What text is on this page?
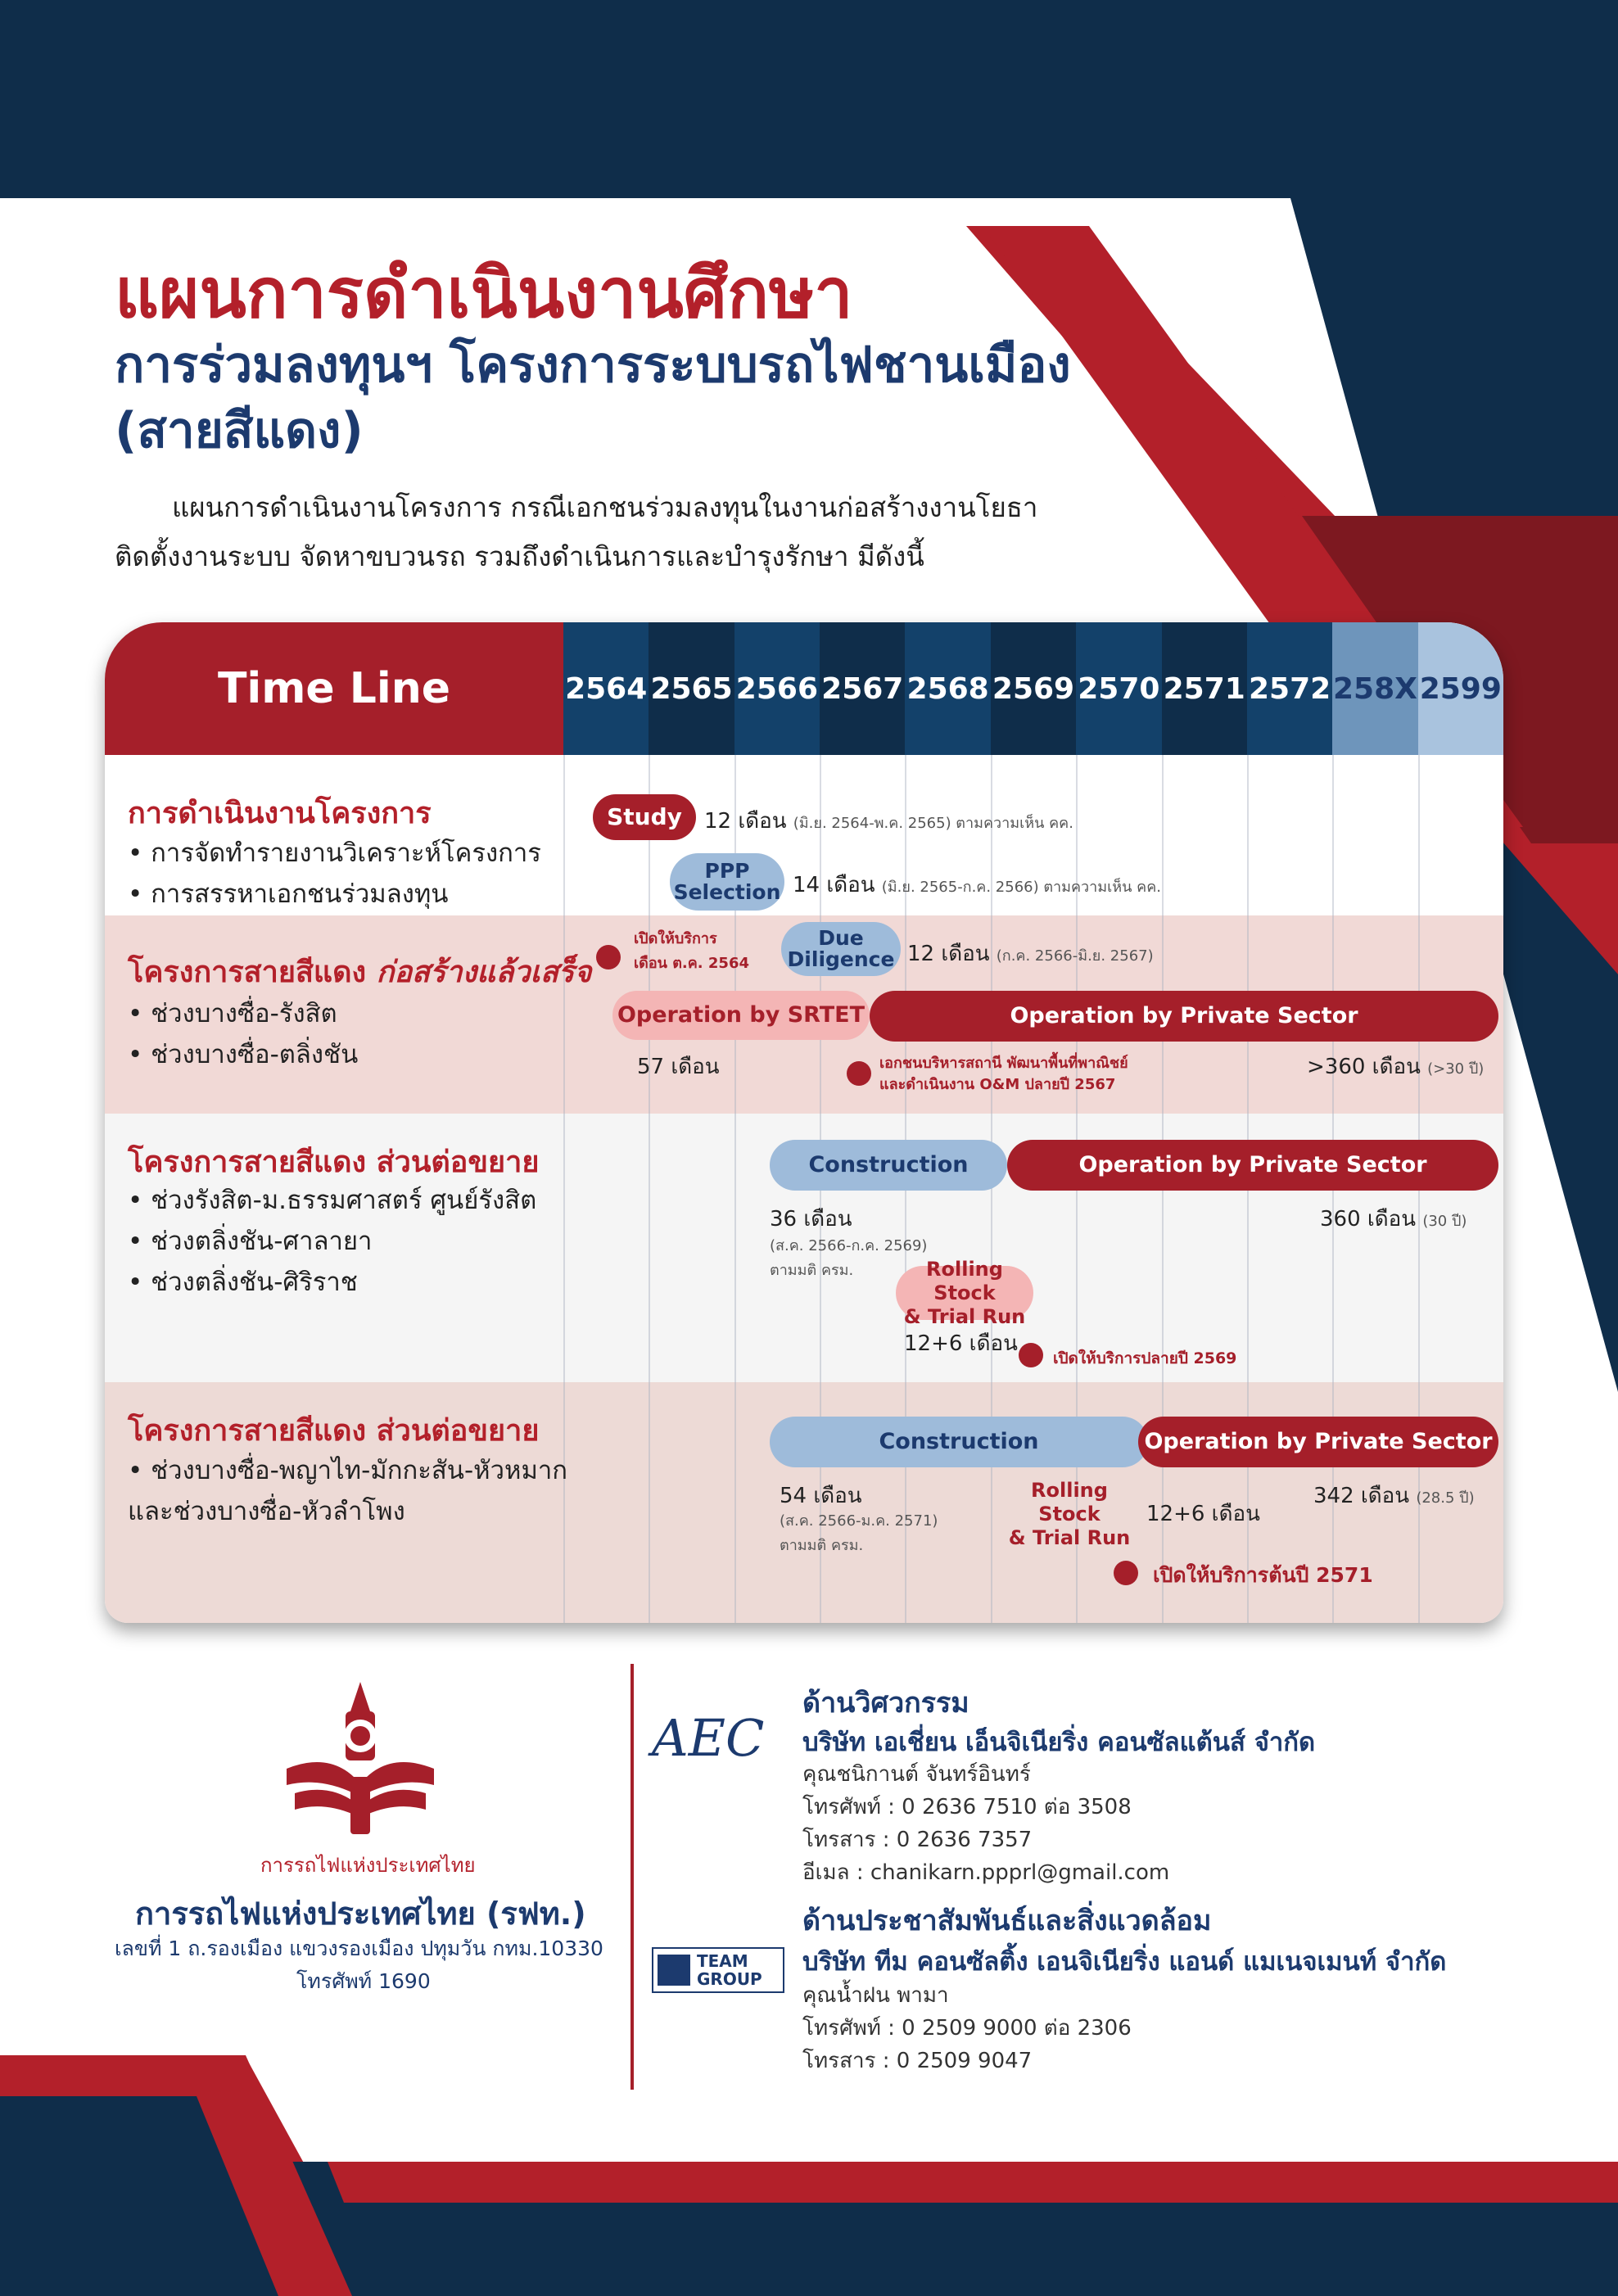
แผนการดำเนินงานศึกษา
การร่วมลงทุนฯ โครงการระบบรถไฟชานเมือง
(สายสีแดง)

แผนการดำเนินงานโครงการ กรณีเอกชนร่วมลงทุนในงานก่อสร้างงานโยธา

ติดตั้งงานระบบ จัดหาขบวนรถ รวมถึงดำเนินการและบำรุงรักษา มีดังนี้

Time Line	2564 2565 2566 2567 2568 2569 2570 2571 2572 258X 2599
การดำเนินงานโครงการ
• การจัดทำรายงานวิเคราะห์โครงการ
• การสรรหาเอกชนร่วมลงทุน
Study	12 เดือน (มิ.ย. 2564-พ.ค. 2565) ตามความเห็น คค.
PPP Selection 14 เดือน (มิ.ย. 2565-ก.ค. 2566) ตามความเห็น คค.
โครงการสายสีแดง ก่อสร้างแล้วเสร็จ
• ช่วงบางซื่อ-รังสิต
• ช่วงบางซื่อ-ตลิ่งชัน
เปิดให้บริการ
เดือน ต.ค. 2564
Due Diligence 12 เดือน (ก.ค. 2566-มิ.ย. 2567)
Operation by SRTET	Operation by Private Sector
57 เดือน	เอกชนบริหารสถานี พัฒนาพื้นที่พาณิชย์
และดำเนินงาน O&M ปลายปี 2567
>360 เดือน (>30 ปี)
โครงการสายสีแดง ส่วนต่อขยาย
• ช่วงรังสิต-ม.ธรรมศาสตร์ ศูนย์รังสิต
• ช่วงตลิ่งชัน-ศาลายา
• ช่วงตลิ่งชัน-ศิริราช
Construction	Operation by Private Sector
36 เดือน
(ส.ค. 2566-ก.ค. 2569)
ตามมติ ครม.
360 เดือน (30 ปี)
Rolling Stock
& Trial Run
12+6 เดือน
เปิดให้บริการปลายปี 2569
โครงการสายสีแดง ส่วนต่อขยาย
• ช่วงบางซื่อ-พญาไท-มักกะสัน-หัวหมาก
และช่วงบางซื่อ-หัวลำโพง
Construction	Operation by Private Sector
54 เดือน
(ส.ค. 2566-ม.ค. 2571)
ตามมติ ครม.
Rolling Stock
& Trial Run
12+6 เดือน
342 เดือน (28.5 ปี)
เปิดให้บริการต้นปี 2571
การรถไฟแห่งประเทศไทย
การรถไฟแห่งประเทศไทย (รฟท.)
เลขที่ 1 ถ.รองเมือง แขวงรองเมือง ปทุมวัน กทม.10330
โทรศัพท์ 1690
AEC
ด้านวิศวกรรม
บริษัท เอเชี่ยน เอ็นจิเนียริ่ง คอนซัลแต้นส์ จำกัด
คุณชนิกานต์ จันทร์อินทร์
โทรศัพท์ : 0 2636 7510 ต่อ 3508
โทรสาร : 0 2636 7357
อีเมล : chanikarn.ppprl@gmail.com
TEAM
GROUP
ด้านประชาสัมพันธ์และสิ่งแวดล้อม
บริษัท ทีม คอนซัลติ้ง เอนจิเนียริ่ง แอนด์ แมเนจเมนท์ จำกัด
คุณน้ำฝน พามา
โทรศัพท์ : 0 2509 9000 ต่อ 2306
โทรสาร : 0 2509 9047
